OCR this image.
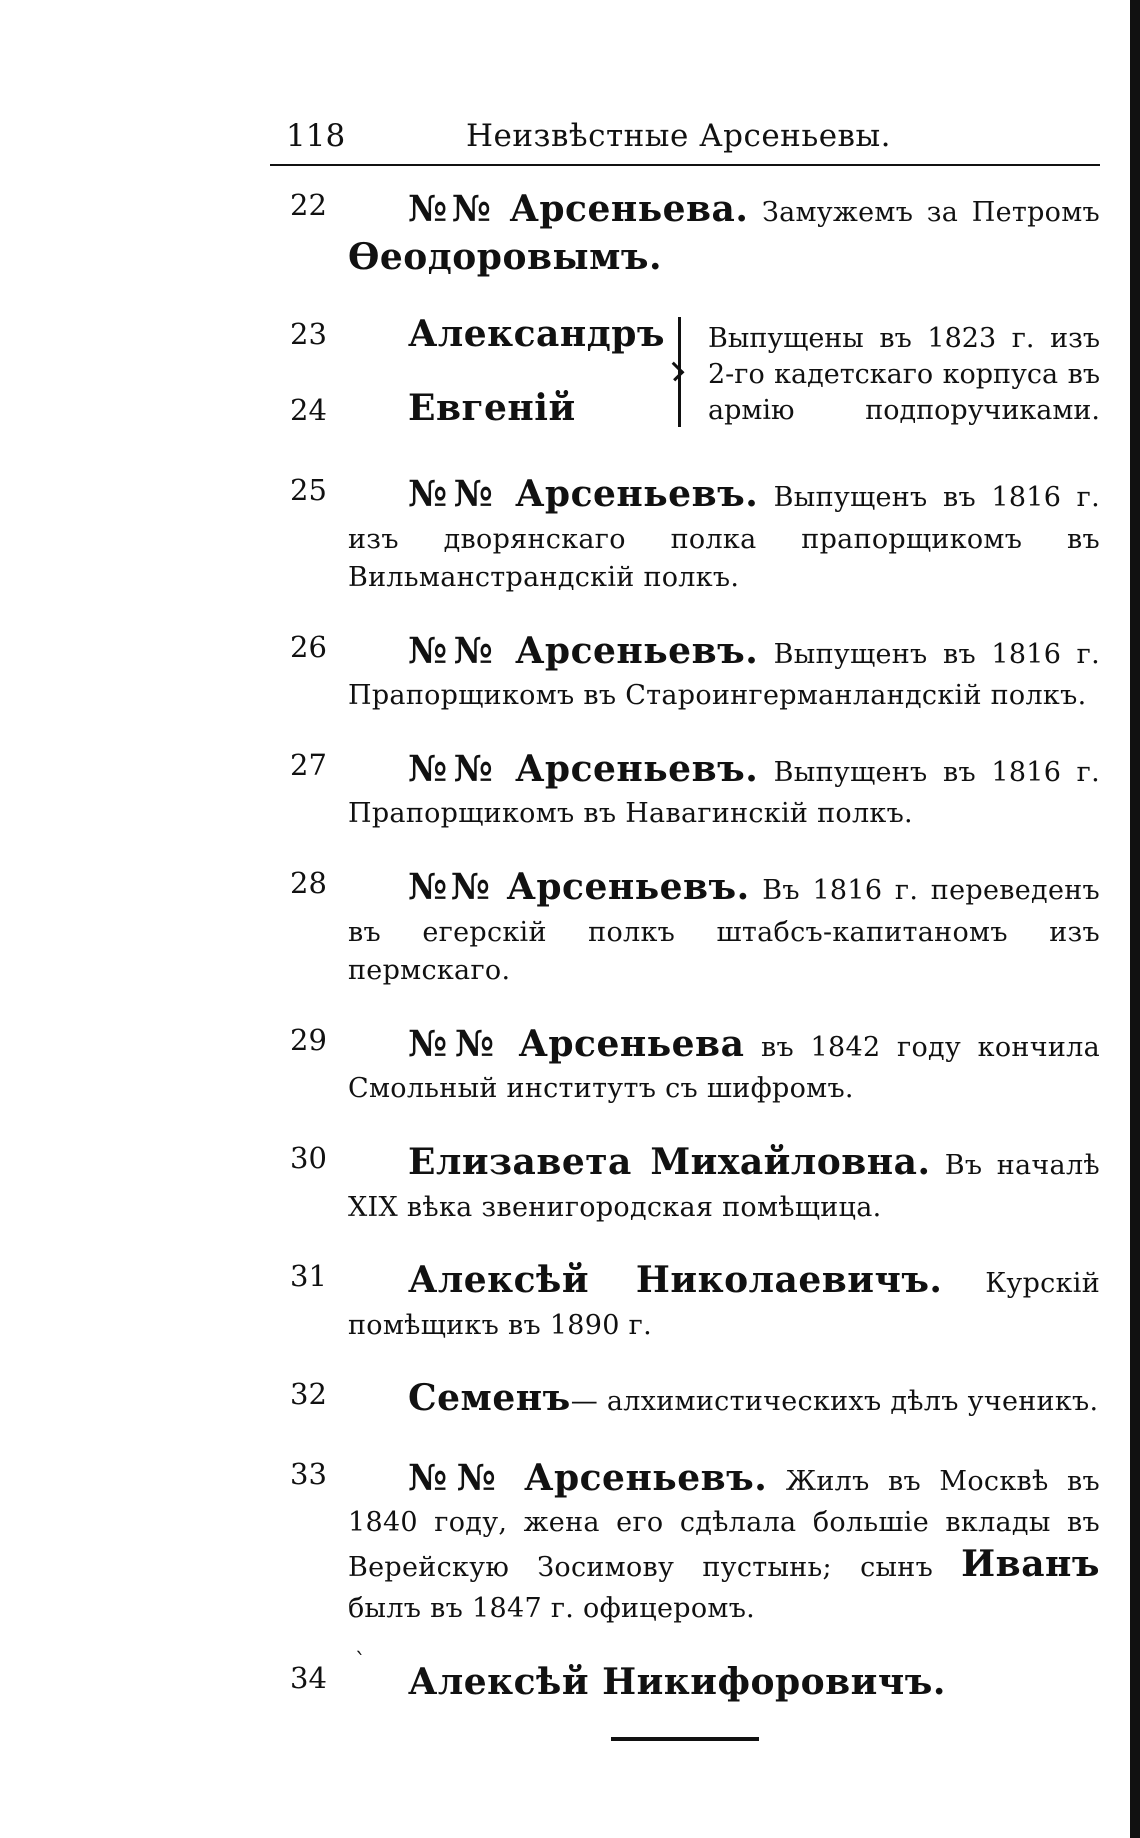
118	Неизвѣстные Арсеньевы.
22	№№ Арсеньева. Замужемъ за Петромъ Ѳеодоровымъ.
23 Александръ
24 Евгеній
Выпущены въ 1823 г. изъ 2-го кадетскаго корпуса въ армію подпоручиками.
25	№№ Арсеньевъ. Выпущенъ въ 1816 г. изъ дворянскаго полка прапорщикомъ въ Вильманстрандскій полкъ.
26	№№ Арсеньевъ. Выпущенъ въ 1816 г. Прапорщикомъ въ Староингерманландскій полкъ.
27	№№ Арсеньевъ. Выпущенъ въ 1816 г. Прапорщикомъ въ Навагинскій полкъ.
28	№№ Арсеньевъ. Въ 1816 г. переведенъ въ егерскій полкъ штабсъ-капитаномъ изъ пермскаго.
29	№№ Арсеньева въ 1842 году кончила Смольный институтъ съ шифромъ.
30	Елизавета Михайловна. Въ началѣ XIX вѣка звенигородская помѣщица.
31	Алексѣй Николаевичъ. Курскій помѣщикъ въ 1890 г.
32	Семенъ— алхимистическихъ дѣлъ ученикъ.
33	№№ Арсеньевъ. Жилъ въ Москвѣ въ 1840 году, жена его сдѣлала большіе вклады въ Верейскую Зосимову пустынь; сынъ Иванъ былъ въ 1847 г. офицеромъ.
34	Алексѣй Никифоровичъ.
ˋ
